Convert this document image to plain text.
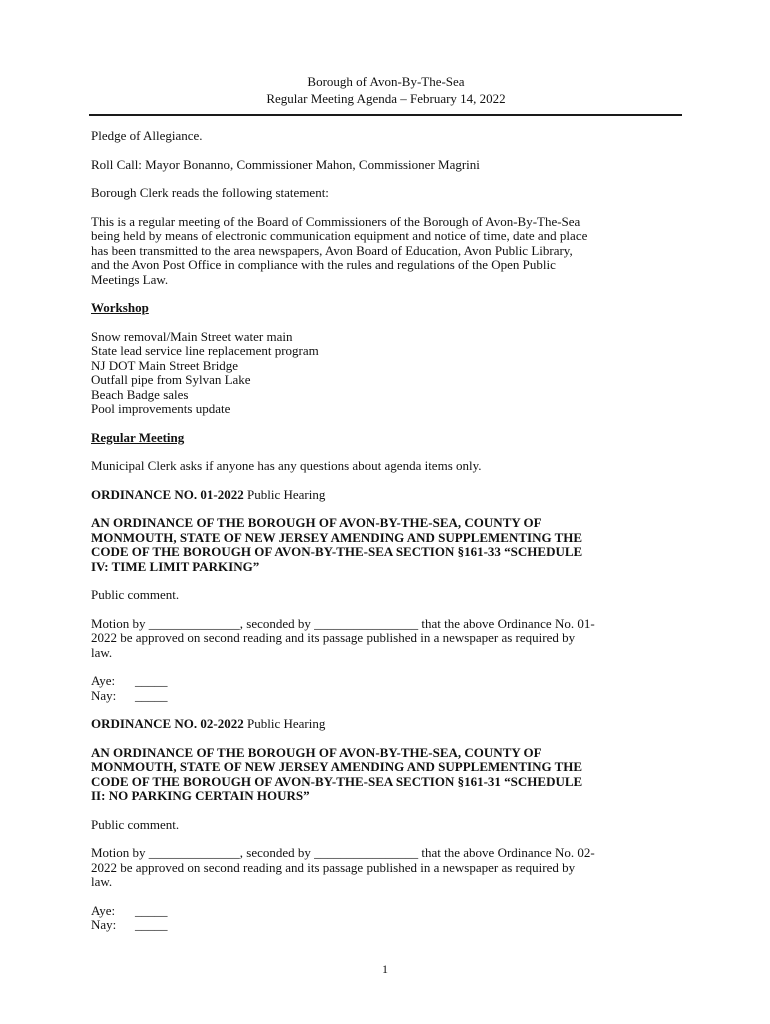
Borough of Avon-By-The-Sea
Regular Meeting Agenda – February 14, 2022

Pledge of Allegiance.

Roll Call: Mayor Bonanno, Commissioner Mahon, Commissioner Magrini

Borough Clerk reads the following statement:

This is a regular meeting of the Board of Commissioners of the Borough of Avon-By-The-Sea
being held by means of electronic communication equipment and notice of time, date and place
has been transmitted to the area newspapers, Avon Board of Education, Avon Public Library,
and the Avon Post Office in compliance with the rules and regulations of the Open Public
Meetings Law.

Workshop

Snow removal/Main Street water main
State lead service line replacement program
NJ DOT Main Street Bridge
Outfall pipe from Sylvan Lake
Beach Badge sales
Pool improvements update

Regular Meeting

Municipal Clerk asks if anyone has any questions about agenda items only.

ORDINANCE NO. 01-2022 Public Hearing

AN ORDINANCE OF THE BOROUGH OF AVON-BY-THE-SEA, COUNTY OF
MONMOUTH, STATE OF NEW JERSEY AMENDING AND SUPPLEMENTING THE
CODE OF THE BOROUGH OF AVON-BY-THE-SEA SECTION §161-33 “SCHEDULE
IV: TIME LIMIT PARKING”

Public comment.

Motion by ______________, seconded by ________________ that the above Ordinance No. 01-
2022 be approved on second reading and its passage published in a newspaper as required by
law.

Aye:	_____
Nay:	_____

ORDINANCE NO. 02-2022 Public Hearing

AN ORDINANCE OF THE BOROUGH OF AVON-BY-THE-SEA, COUNTY OF
MONMOUTH, STATE OF NEW JERSEY AMENDING AND SUPPLEMENTING THE
CODE OF THE BOROUGH OF AVON-BY-THE-SEA SECTION §161-31 “SCHEDULE
II: NO PARKING CERTAIN HOURS”

Public comment.

Motion by ______________, seconded by ________________ that the above Ordinance No. 02-
2022 be approved on second reading and its passage published in a newspaper as required by
law.

Aye:	_____
Nay:	_____
1
